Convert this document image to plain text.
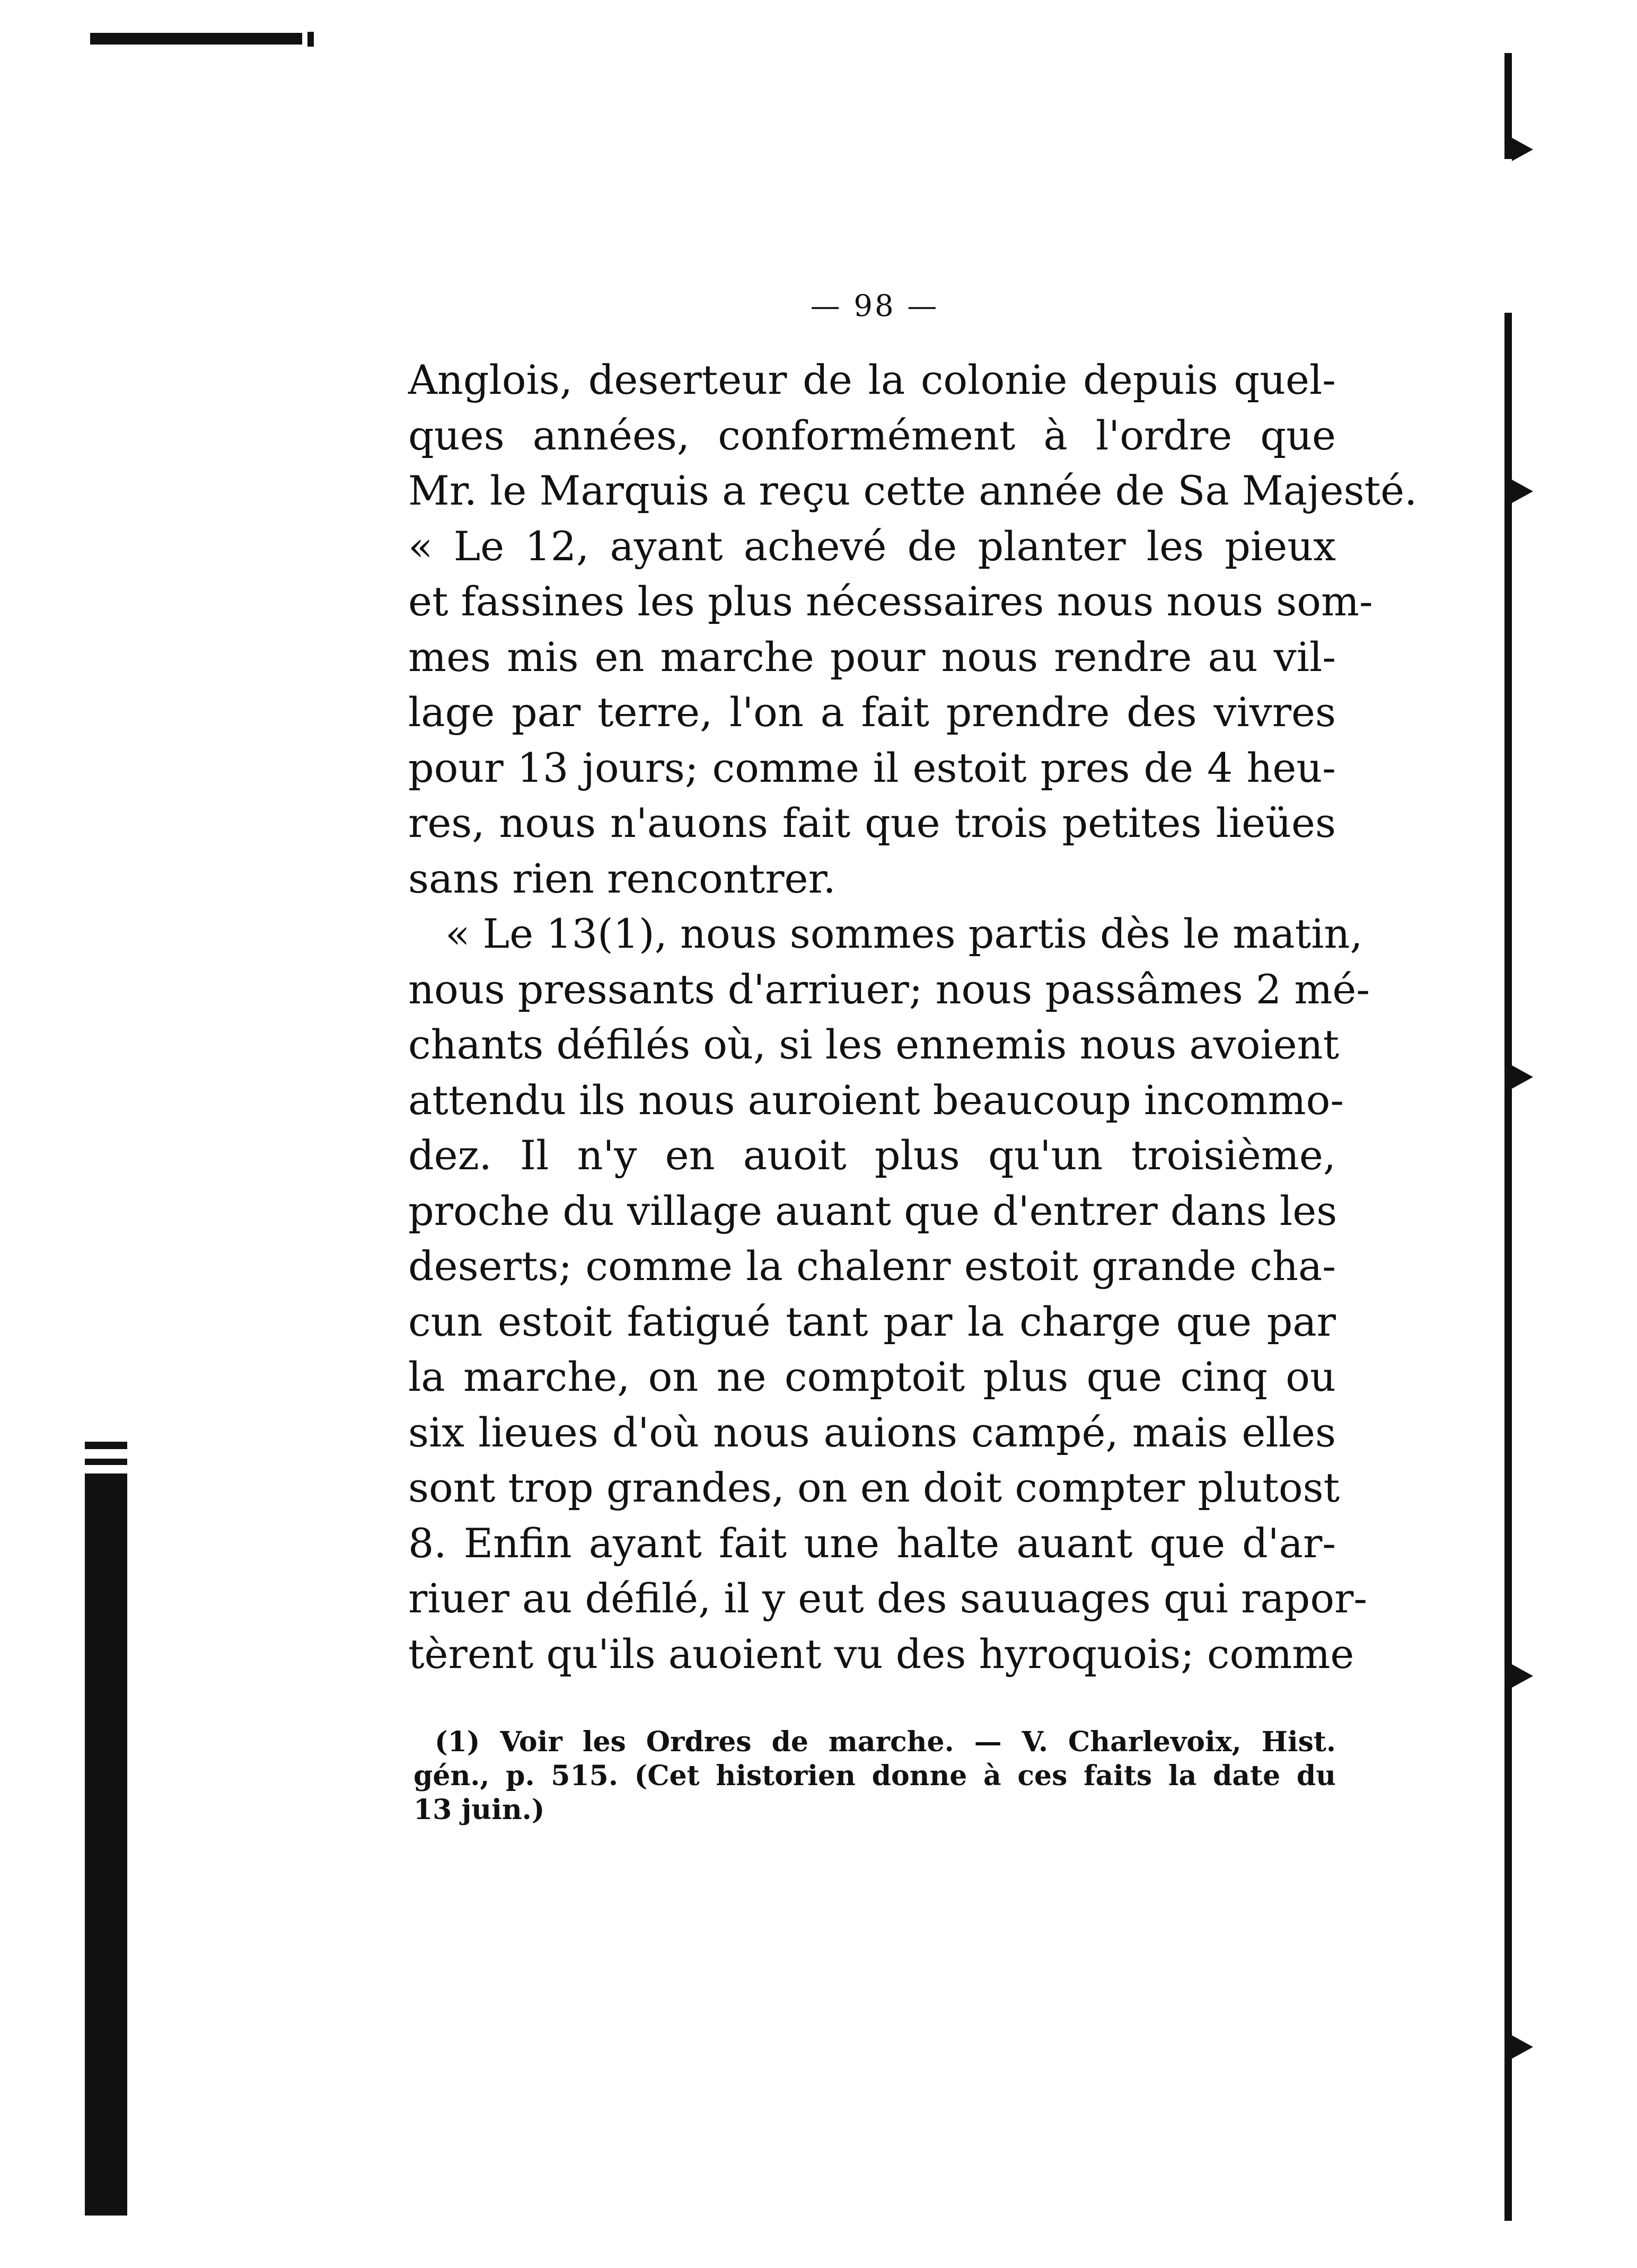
— 98 —
Anglois, deserteur de la colonie depuis quel-
ques années, conformément à l'ordre que
Mr. le Marquis a reçu cette année de Sa Majesté.
« Le 12, ayant achevé de planter les pieux
et fassines les plus nécessaires nous nous som-
mes mis en marche pour nous rendre au vil-
lage par terre, l'on a fait prendre des vivres
pour 13 jours; comme il estoit pres de 4 heu-
res, nous n'auons fait que trois petites lieües
sans rien rencontrer.
« Le 13(1), nous sommes partis dès le matin,
nous pressants d'arriuer; nous passâmes 2 mé-
chants défilés où, si les ennemis nous avoient
attendu ils nous auroient beaucoup incommo-
dez. Il n'y en auoit plus qu'un troisième,
proche du village auant que d'entrer dans les
deserts; comme la chalenr estoit grande cha-
cun estoit fatigué tant par la charge que par
la marche, on ne comptoit plus que cinq ou
six lieues d'où nous auions campé, mais elles
sont trop grandes, on en doit compter plutost
8. Enfin ayant fait une halte auant que d'ar-
riuer au défilé, il y eut des sauuages qui rapor-
tèrent qu'ils auoient vu des hyroquois; comme
(1) Voir les Ordres de marche. — V. Charlevoix, Hist.
gén., p. 515. (Cet historien donne à ces faits la date du
13 juin.)
